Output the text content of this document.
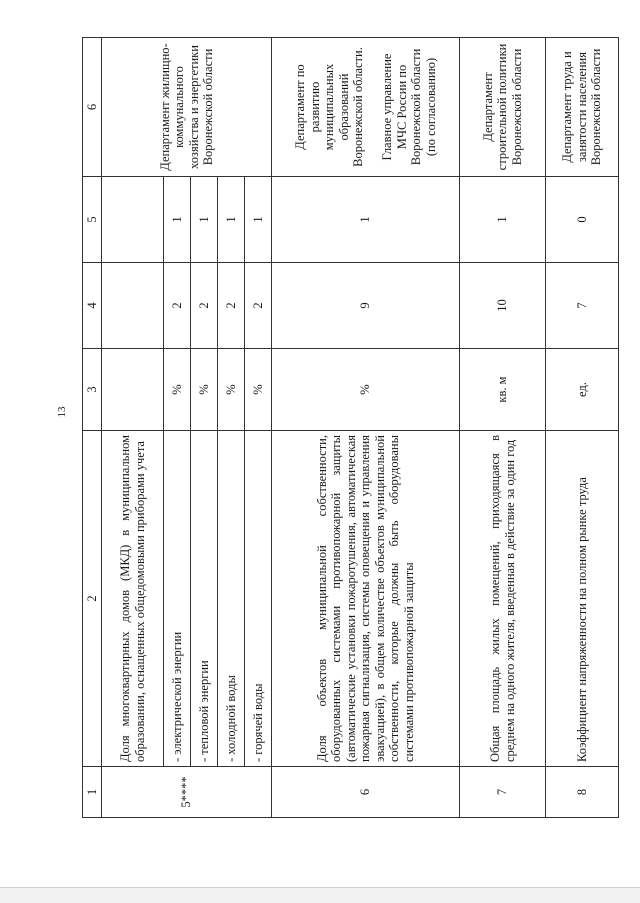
13
1	2	3	4	5	6
5****	Доля многоквартирных домов (МКД) в муниципальном образовании, оснащенных общедомовыми приборами учета				Департамент жилищно-коммунального хозяйства и энергетики Воронежской области
	- электрической энергии	%	2	1	
	- тепловой энергии	%	2	1	
	- холодной воды	%	2	1	
	- горячей воды	%	2	1	
6	Доля объектов муниципальной собственности, оборудованных системами противопожарной защиты (автоматические установки пожаротушения, автоматическая пожарная сигнализация, системы оповещения и управления эвакуацией), в общем количестве объектов муниципальной собственности, которые должны быть оборудованы системами противопожарной защиты	%	9	1	Департамент по развитию муниципальных образований Воронежской области.

Главное управление МЧС России по Воронежской области (по согласованию)
7	Общая площадь жилых помещений, приходящаяся в среднем на одного жителя, введенная в действие за один год	кв. м	10	1	Департамент строительной политики Воронежской области
8	Коэффициент напряженности на полном рынке труда	ед.	7	0	Департамент труда и занятости населения Воронежской области
